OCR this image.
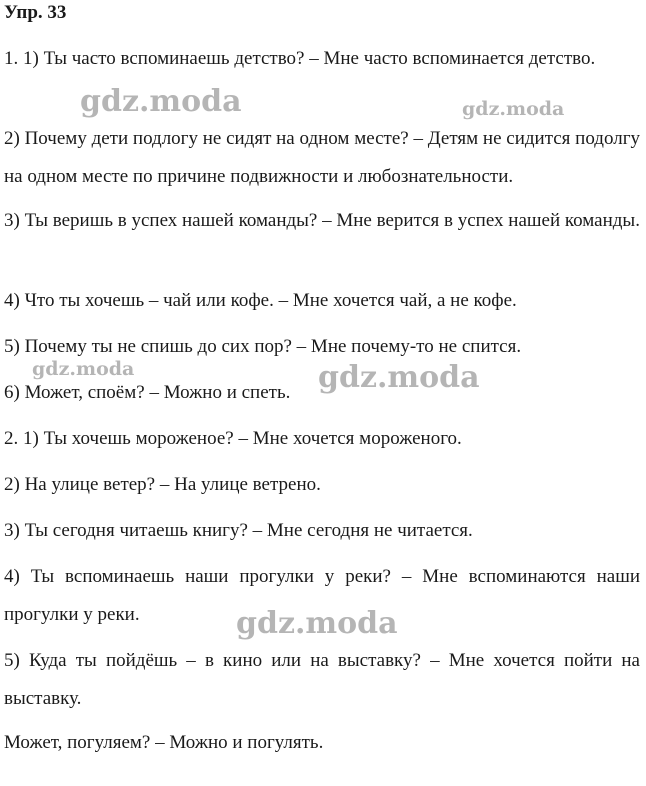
Упр. 33

1. 1) Ты часто вспоминаешь детство? – Мне часто вспоминается детство.

2) Почему дети подлогу не сидят на одном месте? – Детям не сидится подолгу на одном месте по причине подвижности и любознательности.

3) Ты веришь в успех нашей команды? – Мне верится в успех нашей команды.

4) Что ты хочешь – чай или кофе. – Мне хочется чай, а не кофе.

5) Почему ты не спишь до сих пор? – Мне почему-то не спится.

6) Может, споём? – Можно и спеть.

2. 1) Ты хочешь мороженое? – Мне хочется мороженого.

2) На улице ветер? – На улице ветрено.

3) Ты сегодня читаешь книгу? – Мне сегодня не читается.

4) Ты вспоминаешь наши прогулки у реки? – Мне вспоминаются наши прогулки у реки.

5) Куда ты пойдёшь – в кино или на выставку? – Мне хочется пойти на выставку.

Может, погуляем? – Можно и погулять.

gdz.moda	gdz.moda
gdz.moda	gdz.moda
gdz.moda
